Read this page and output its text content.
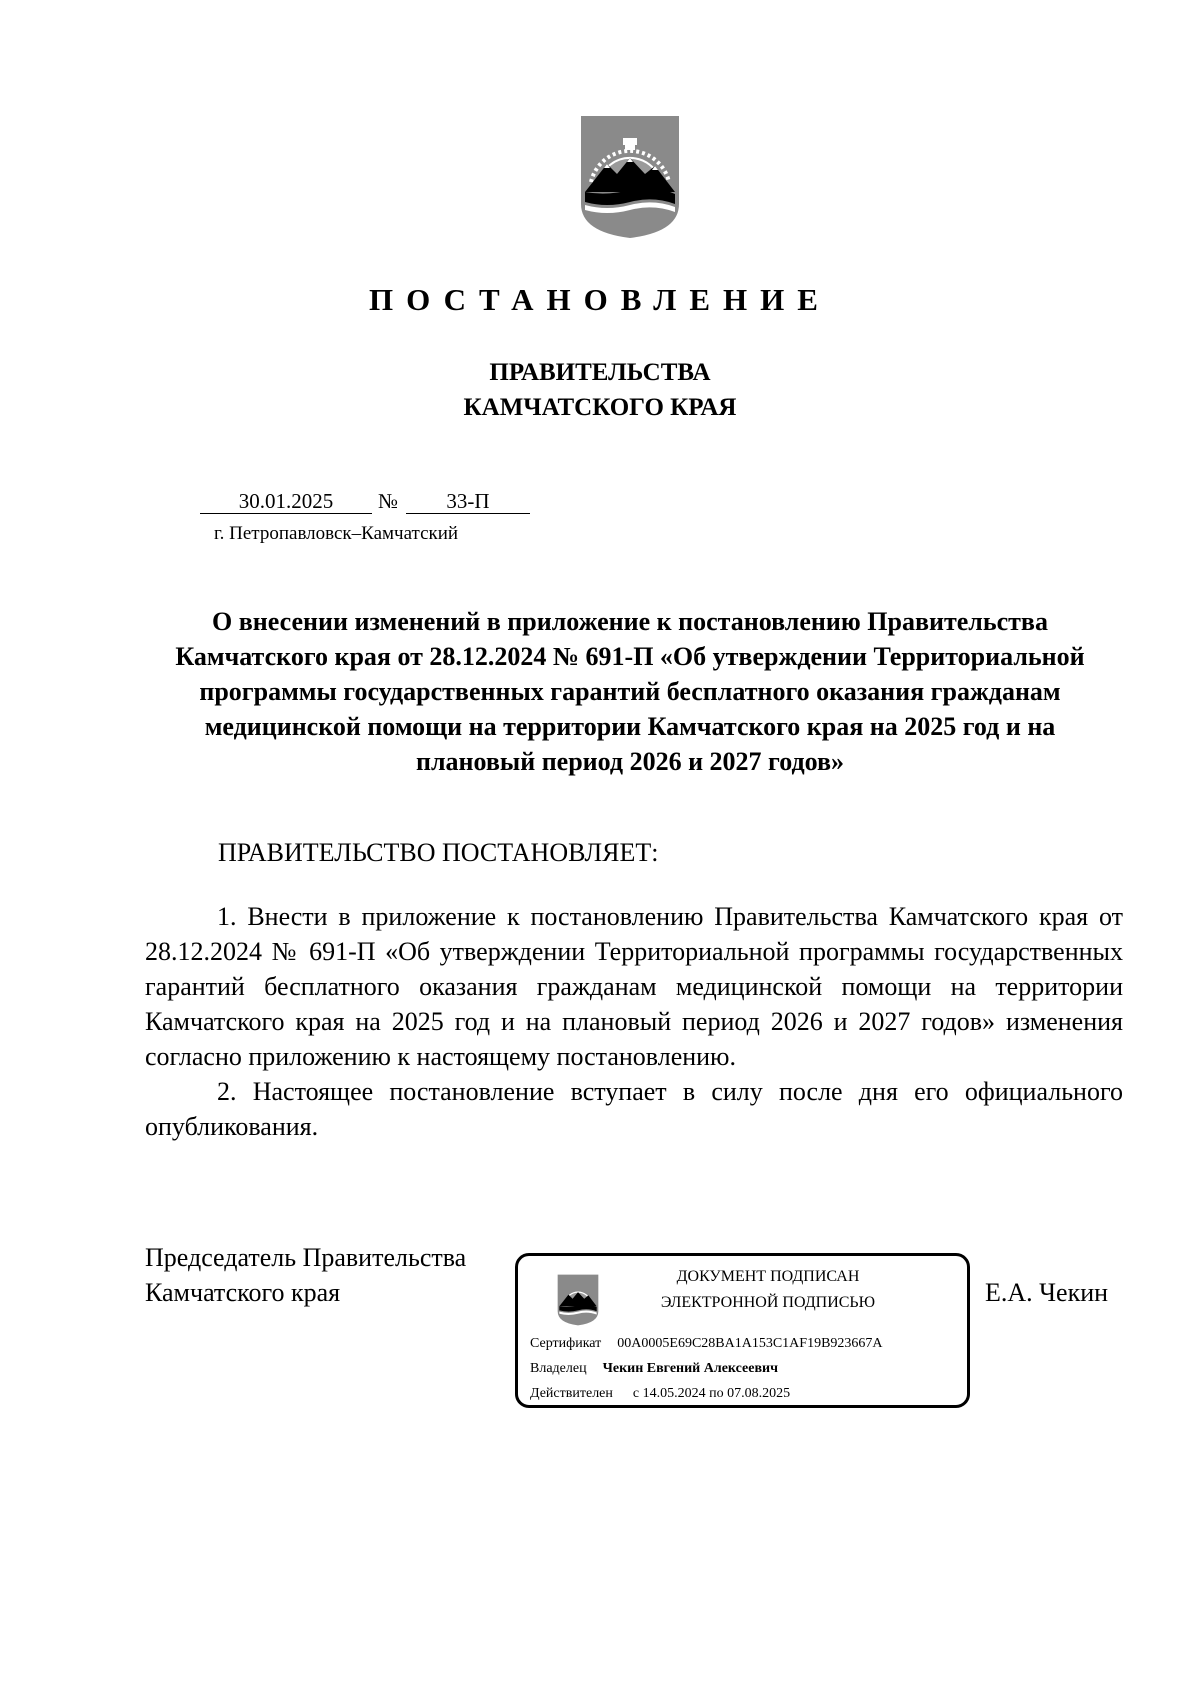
ПОСТАНОВЛЕНИЕ
ПРАВИТЕЛЬСТВА
КАМЧАТСКОГО КРАЯ
30.01.2025	№	33-П
г. Петропавловск–Камчатский
О внесении изменений в приложение к постановлению Правительства Камчатского края от 28.12.2024 № 691-П «Об утверждении Территориальной программы государственных гарантий бесплатного оказания гражданам медицинской помощи на территории Камчатского края на 2025 год и на плановый период 2026 и 2027 годов»
ПРАВИТЕЛЬСТВО ПОСТАНОВЛЯЕТ:

1. Внести в приложение к постановлению Правительства Камчатского края от 28.12.2024 № 691-П «Об утверждении Территориальной программы государственных гарантий бесплатного оказания гражданам медицинской помощи на территории Камчатского края на 2025 год и на плановый период 2026 и 2027 годов» изменения согласно приложению к настоящему постановлению.

2. Настоящее постановление вступает в силу после дня его официального опубликования.

Председатель Правительства
Камчатского края
ДОКУМЕНТ ПОДПИСАН
ЭЛЕКТРОННОЙ ПОДПИСЬЮ
Сертификат 00A0005E69C28BA1A153C1AF19B923667A
Владелец Чекин Евгений Алексеевич
Действителен с 14.05.2024 по 07.08.2025
Е.А. Чекин
